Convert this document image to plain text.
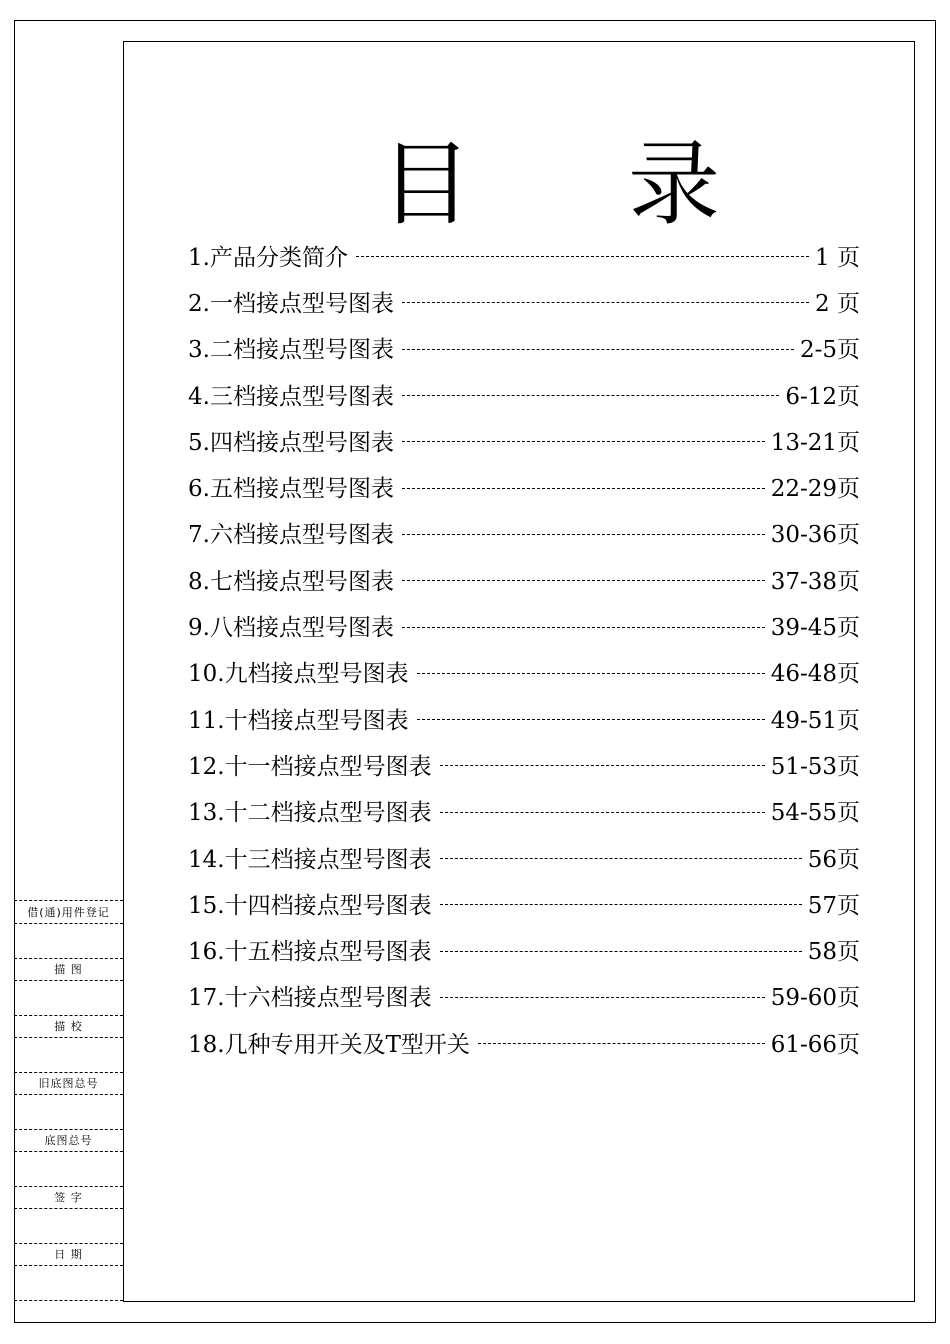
目 录
1.产品分类简介	1 页
2.一档接点型号图表	2 页
3.二档接点型号图表	2-5页
4.三档接点型号图表	6-12页
5.四档接点型号图表	13-21页
6.五档接点型号图表	22-29页
7.六档接点型号图表	30-36页
8.七档接点型号图表	37-38页
9.八档接点型号图表	39-45页
10.九档接点型号图表	46-48页
11.十档接点型号图表	49-51页
12.十一档接点型号图表	51-53页
13.十二档接点型号图表	54-55页
14.十三档接点型号图表	56页
15.十四档接点型号图表	57页
16.十五档接点型号图表	58页
17.十六档接点型号图表	59-60页
18.几种专用开关及T型开关	61-66页
借(通)用件登记
描 图
描 校
旧底图总号
底图总号
签 字
日 期
